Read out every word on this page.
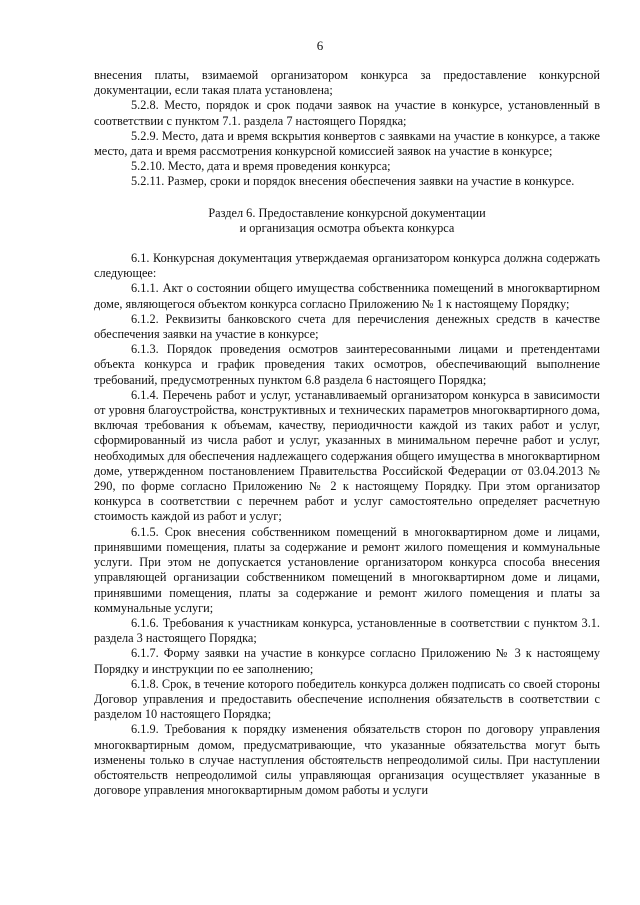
6

внесения платы, взимаемой организатором конкурса за предоставление конкурсной документации, если такая плата установлена;

5.2.8. Место, порядок и срок подачи заявок на участие в конкурсе, установленный в соответствии с пунктом 7.1. раздела 7 настоящего Порядка;

5.2.9. Место, дата и время вскрытия конвертов с заявками на участие в конкурсе, а также место, дата и время рассмотрения конкурсной комиссией заявок на участие в конкурсе;

5.2.10. Место, дата и время проведения конкурса;

5.2.11. Размер, сроки и порядок внесения обеспечения заявки на участие в конкурсе.

Раздел 6. Предоставление конкурсной документации
и организация осмотра объекта конкурса

6.1. Конкурсная документация утверждаемая организатором конкурса должна содержать следующее:

6.1.1. Акт о состоянии общего имущества собственника помещений в многоквартирном доме, являющегося объектом конкурса согласно Приложению № 1 к настоящему Порядку;

6.1.2. Реквизиты банковского счета для перечисления денежных средств в качестве обеспечения заявки на участие в конкурсе;

6.1.3. Порядок проведения осмотров заинтересованными лицами и претендентами объекта конкурса и график проведения таких осмотров, обеспечивающий выполнение требований, предусмотренных пунктом 6.8 раздела 6 настоящего Порядка;

6.1.4. Перечень работ и услуг, устанавливаемый организатором конкурса в зависимости от уровня благоустройства, конструктивных и технических параметров многоквартирного дома, включая требования к объемам, качеству, периодичности каждой из таких работ и услуг, сформированный из числа работ и услуг, указанных в минимальном перечне работ и услуг, необходимых для обеспечения надлежащего содержания общего имущества в многоквартирном доме, утвержденном постановлением Правительства Российской Федерации от 03.04.2013 № 290, по форме согласно Приложению № 2 к настоящему Порядку. При этом организатор конкурса в соответствии с перечнем работ и услуг самостоятельно определяет расчетную стоимость каждой из работ и услуг;

6.1.5. Срок внесения собственником помещений в многоквартирном доме и лицами, принявшими помещения, платы за содержание и ремонт жилого помещения и коммунальные услуги. При этом не допускается установление организатором конкурса способа внесения управляющей организации собственником помещений в многоквартирном доме и лицами, принявшими помещения, платы за содержание и ремонт жилого помещения и платы за коммунальные услуги;

6.1.6. Требования к участникам конкурса, установленные в соответствии с пунктом 3.1. раздела 3 настоящего Порядка;

6.1.7. Форму заявки на участие в конкурсе согласно Приложению № 3 к настоящему Порядку и инструкции по ее заполнению;

6.1.8. Срок, в течение которого победитель конкурса должен подписать со своей стороны Договор управления и предоставить обеспечение исполнения обязательств в соответствии с разделом 10 настоящего Порядка;

6.1.9. Требования к порядку изменения обязательств сторон по договору управления многоквартирным домом, предусматривающие, что указанные обязательства могут быть изменены только в случае наступления обстоятельств непреодолимой силы. При наступлении обстоятельств непреодолимой силы управляющая организация осуществляет указанные в договоре управления многоквартирным домом работы и услуги
